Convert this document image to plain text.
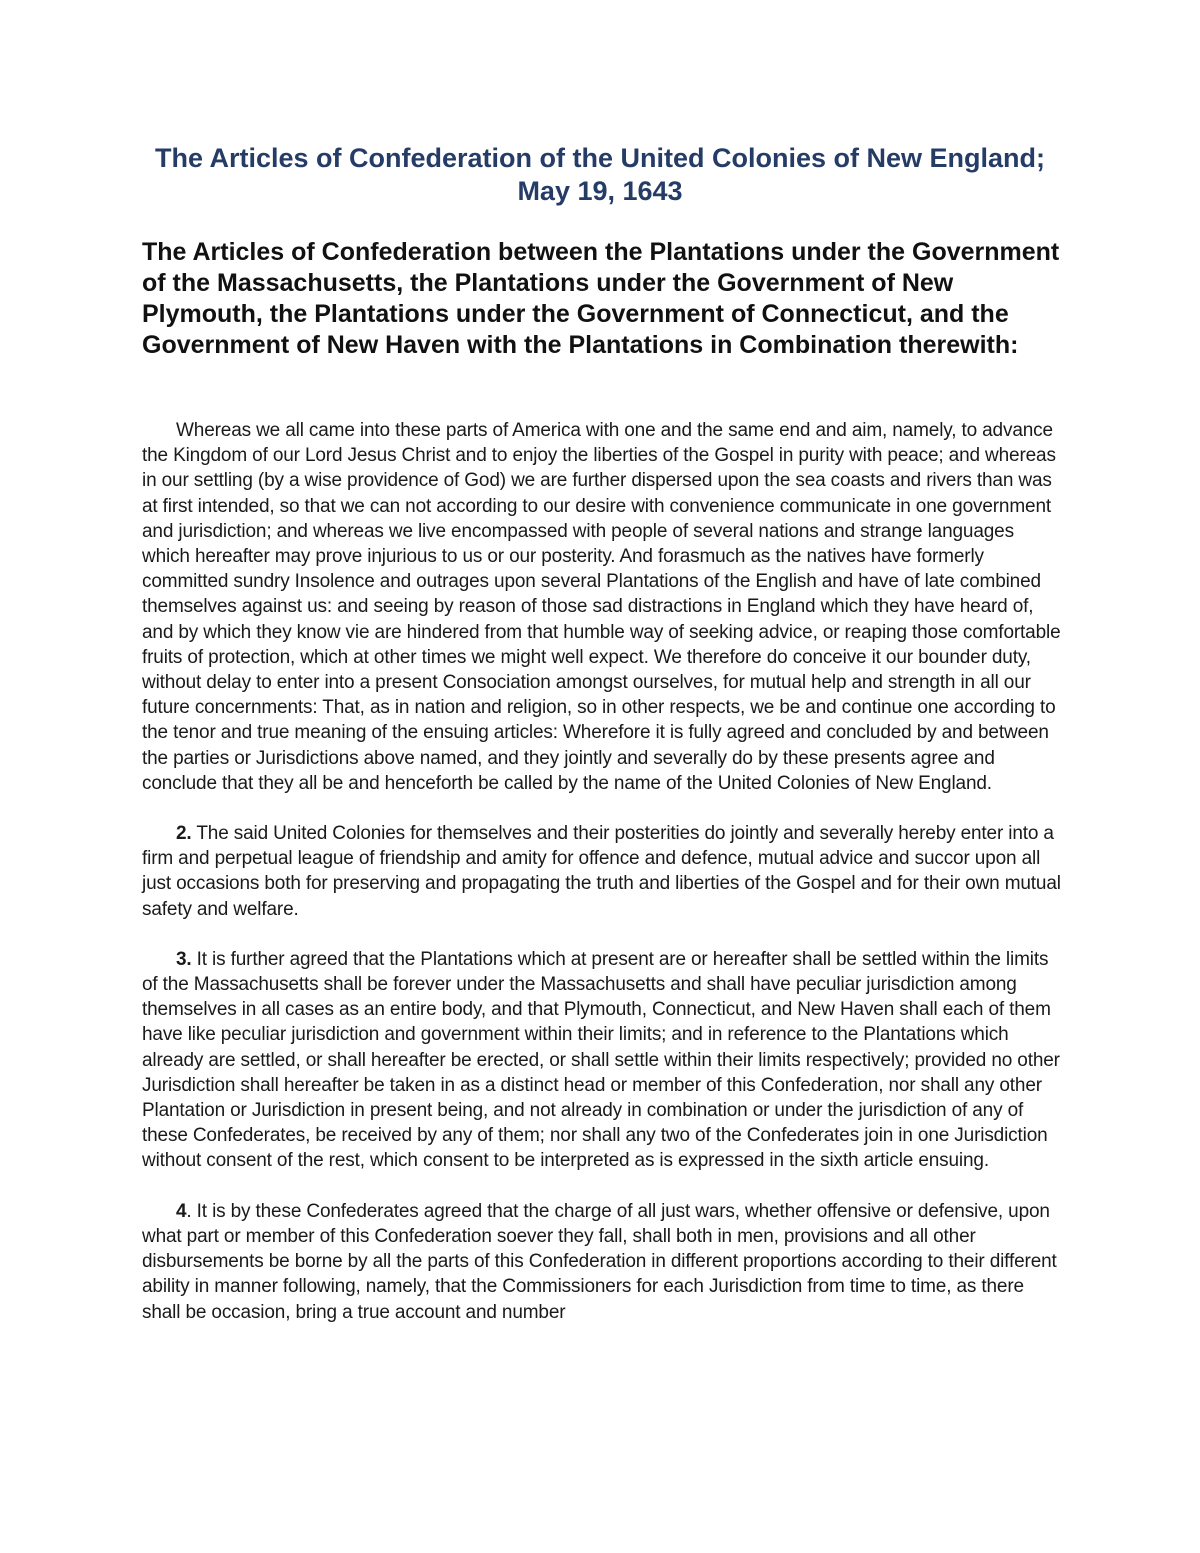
The Articles of Confederation of the United Colonies of New England; May 19, 1643
The Articles of Confederation between the Plantations under the Government of the Massachusetts, the Plantations under the Government of New Plymouth, the Plantations under the Government of Connecticut, and the Government of New Haven with the Plantations in Combination therewith:

Whereas we all came into these parts of America with one and the same end and aim, namely, to advance the Kingdom of our Lord Jesus Christ and to enjoy the liberties of the Gospel in purity with peace; and whereas in our settling (by a wise providence of God) we are further dispersed upon the sea coasts and rivers than was at first intended, so that we can not according to our desire with convenience communicate in one government and jurisdiction; and whereas we live encompassed with people of several nations and strange languages which hereafter may prove injurious to us or our posterity. And forasmuch as the natives have formerly committed sundry Insolence and outrages upon several Plantations of the English and have of late combined themselves against us: and seeing by reason of those sad distractions in England which they have heard of, and by which they know vie are hindered from that humble way of seeking advice, or reaping those comfortable fruits of protection, which at other times we might well expect. We therefore do conceive it our bounder duty, without delay to enter into a present Consociation amongst ourselves, for mutual help and strength in all our future concernments: That, as in nation and religion, so in other respects, we be and continue one according to the tenor and true meaning of the ensuing articles: Wherefore it is fully agreed and concluded by and between the parties or Jurisdictions above named, and they jointly and severally do by these presents agree and conclude that they all be and henceforth be called by the name of the United Colonies of New England.

2. The said United Colonies for themselves and their posterities do jointly and severally hereby enter into a firm and perpetual league of friendship and amity for offence and defence, mutual advice and succor upon all just occasions both for preserving and propagating the truth and liberties of the Gospel and for their own mutual safety and welfare.

3. It is further agreed that the Plantations which at present are or hereafter shall be settled within the limits of the Massachusetts shall be forever under the Massachusetts and shall have peculiar jurisdiction among themselves in all cases as an entire body, and that Plymouth, Connecticut, and New Haven shall each of them have like peculiar jurisdiction and government within their limits; and in reference to the Plantations which already are settled, or shall hereafter be erected, or shall settle within their limits respectively; provided no other Jurisdiction shall hereafter be taken in as a distinct head or member of this Confederation, nor shall any other Plantation or Jurisdiction in present being, and not already in combination or under the jurisdiction of any of these Confederates, be received by any of them; nor shall any two of the Confederates join in one Jurisdiction without consent of the rest, which consent to be interpreted as is expressed in the sixth article ensuing.

4. It is by these Confederates agreed that the charge of all just wars, whether offensive or defensive, upon what part or member of this Confederation soever they fall, shall both in men, provisions and all other disbursements be borne by all the parts of this Confederation in different proportions according to their different ability in manner following, namely, that the Commissioners for each Jurisdiction from time to time, as there shall be occasion, bring a true account and number
